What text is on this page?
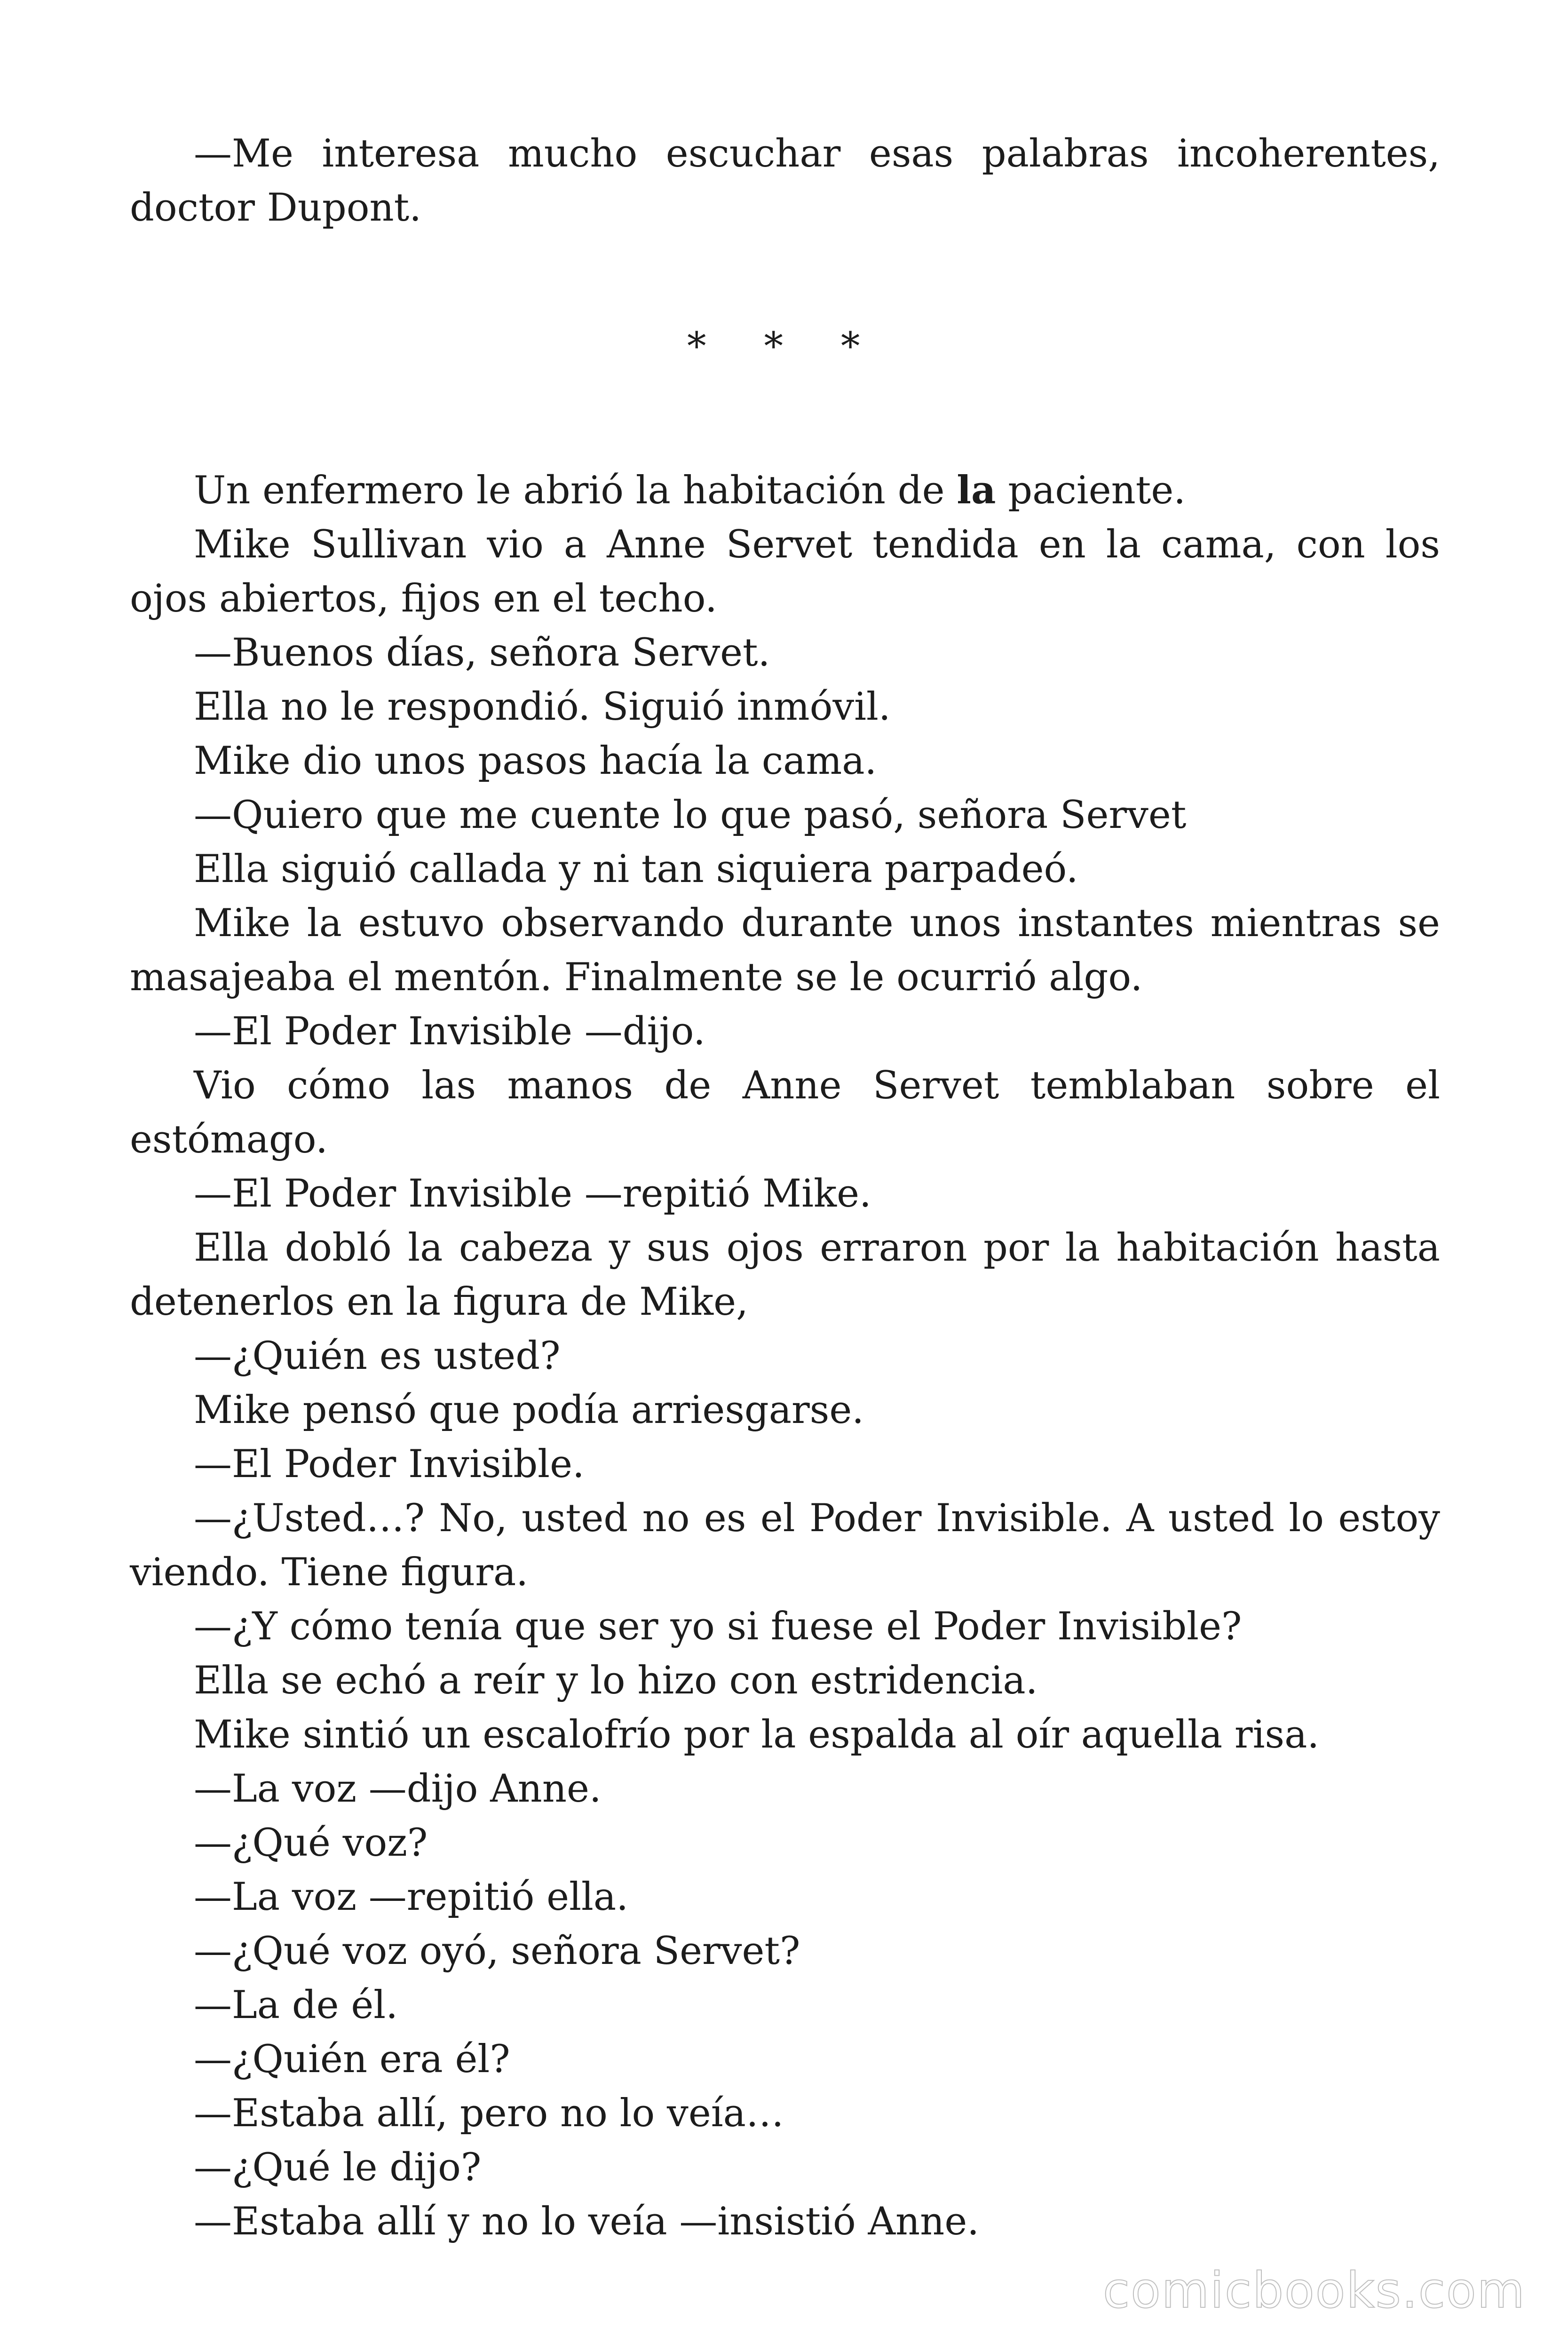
—Me interesa mucho escuchar esas palabras incoherentes, doctor Dupont.

* * *

Un enfermero le abrió la habitación de la paciente.

Mike Sullivan vio a Anne Servet tendida en la cama, con los ojos abiertos, fijos en el techo.

—Buenos días, señora Servet.

Ella no le respondió. Siguió inmóvil.

Mike dio unos pasos hacía la cama.

—Quiero que me cuente lo que pasó, señora Servet

Ella siguió callada y ni tan siquiera parpadeó.

Mike la estuvo observando durante unos instantes mientras se masajeaba el mentón. Finalmente se le ocurrió algo.

—El Poder Invisible —dijo.

Vio cómo las manos de Anne Servet temblaban sobre el estómago.

—El Poder Invisible —repitió Mike.

Ella dobló la cabeza y sus ojos erraron por la habitación hasta detenerlos en la figura de Mike,

—¿Quién es usted?

Mike pensó que podía arriesgarse.

—El Poder Invisible.

—¿Usted…? No, usted no es el Poder Invisible. A usted lo estoy viendo. Tiene figura.

—¿Y cómo tenía que ser yo si fuese el Poder Invisible?

Ella se echó a reír y lo hizo con estridencia.

Mike sintió un escalofrío por la espalda al oír aquella risa.

—La voz —dijo Anne.

—¿Qué voz?

—La voz —repitió ella.

—¿Qué voz oyó, señora Servet?

—La de él.

—¿Quién era él?

—Estaba allí, pero no lo veía…

—¿Qué le dijo?

—Estaba allí y no lo veía —insistió Anne.

comicbooks.com
